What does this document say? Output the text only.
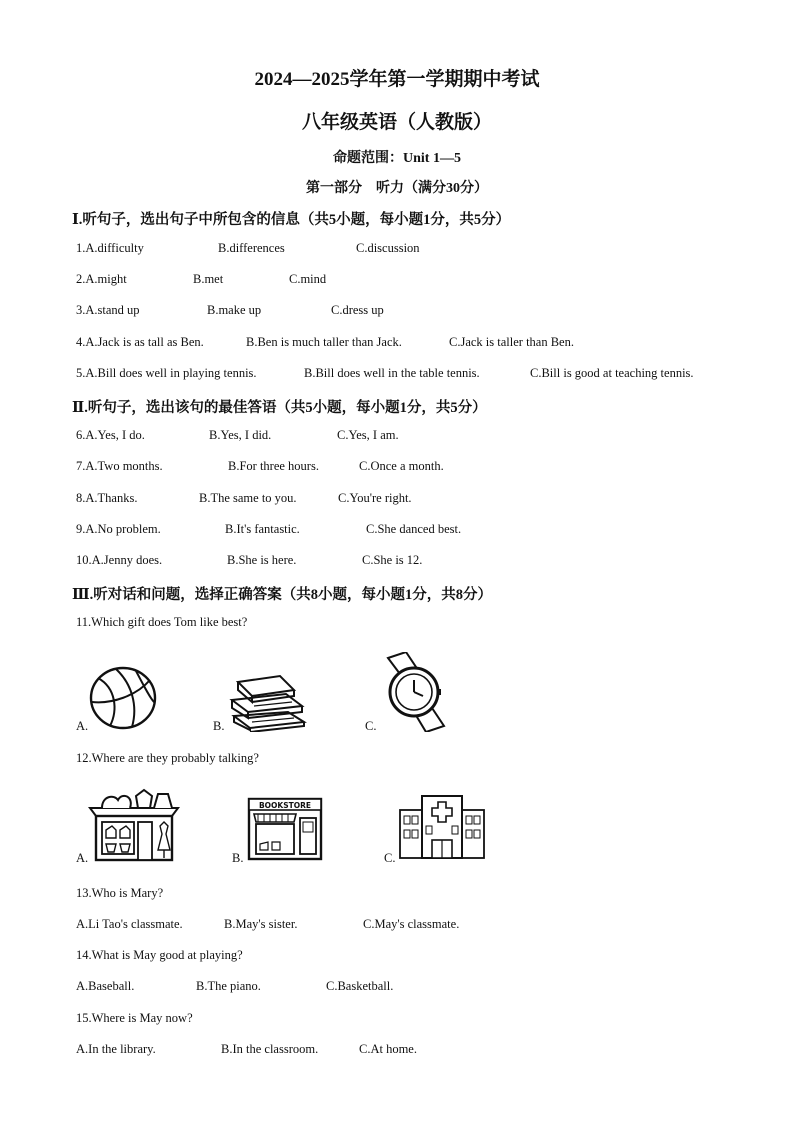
2024—2025学年第一学期期中考试
八年级英语（人教版）
命题范围：Unit 1—5
第一部分　听力（满分30分）
Ⅰ.听句子，选出句子中所包含的信息（共5小题，每小题1分，共5分）
1.A.difficulty	B.differences	C.discussion
2.A.might	B.met	C.mind
3.A.stand up	B.make up	C.dress up
4.A.Jack is as tall as Ben.	B.Ben is much taller than Jack.	C.Jack is taller than Ben.
5.A.Bill does well in playing tennis.	B.Bill does well in the table tennis.	C.Bill is good at teaching tennis.
Ⅱ.听句子，选出该句的最佳答语（共5小题，每小题1分，共5分）
6.A.Yes, I do.	B.Yes, I did.	C.Yes, I am.
7.A.Two months.	B.For three hours.	C.Once a month.
8.A.Thanks.	B.The same to you.	C.You're right.
9.A.No problem.	B.It's fantastic.	C.She danced best.
10.A.Jenny does.	B.She is here.	C.She is 12.
Ⅲ.听对话和问题，选择正确答案（共8小题，每小题1分，共8分）
11.Which gift does Tom like best?
A.	B.	C.
12.Where are they probably talking?
A.	B.
BOOKSTORE
C.
13.Who is Mary?
A.Li Tao's classmate.	B.May's sister.	C.May's classmate.
14.What is May good at playing?
A.Baseball.	B.The piano.	C.Basketball.
15.Where is May now?
A.In the library.	B.In the classroom.	C.At home.
